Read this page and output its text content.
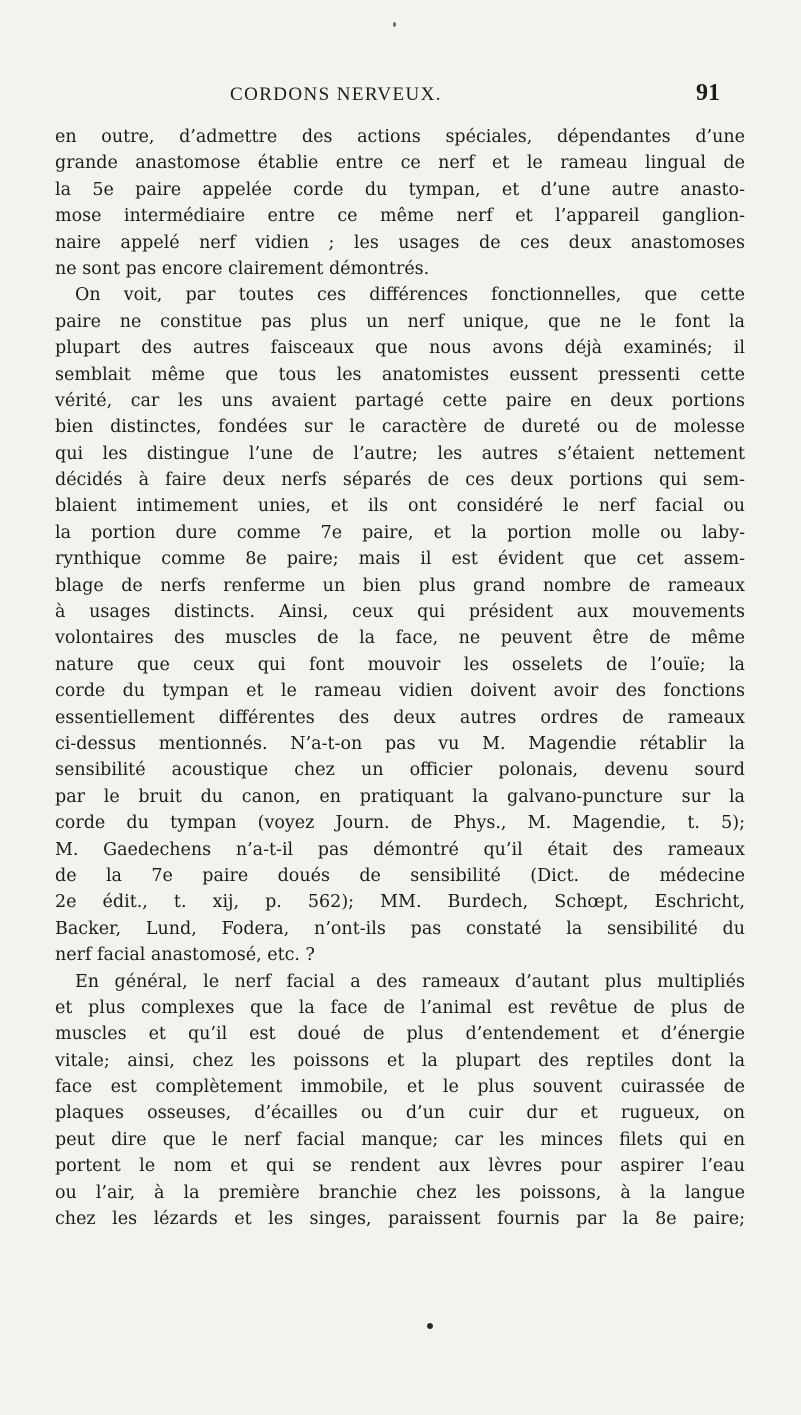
CORDONS NERVEUX.	91
en outre, d’admettre des actions spéciales, dépendantes d’une
grande anastomose établie entre ce nerf et le rameau lingual de
la 5e paire appelée corde du tympan, et d’une autre anasto-
mose intermédiaire entre ce même nerf et l’appareil ganglion-
naire appelé nerf vidien ; les usages de ces deux anastomoses
ne sont pas encore clairement démontrés.
On voit, par toutes ces différences fonctionnelles, que cette
paire ne constitue pas plus un nerf unique, que ne le font la
plupart des autres faisceaux que nous avons déjà examinés; il
semblait même que tous les anatomistes eussent pressenti cette
vérité, car les uns avaient partagé cette paire en deux portions
bien distinctes, fondées sur le caractère de dureté ou de molesse
qui les distingue l’une de l’autre; les autres s’étaient nettement
décidés à faire deux nerfs séparés de ces deux portions qui sem-
blaient intimement unies, et ils ont considéré le nerf facial ou
la portion dure comme 7e paire, et la portion molle ou laby-
rynthique comme 8e paire; mais il est évident que cet assem-
blage de nerfs renferme un bien plus grand nombre de rameaux
à usages distincts. Ainsi, ceux qui président aux mouvements
volontaires des muscles de la face, ne peuvent être de même
nature que ceux qui font mouvoir les osselets de l’ouïe; la
corde du tympan et le rameau vidien doivent avoir des fonctions
essentiellement différentes des deux autres ordres de rameaux
ci-dessus mentionnés. N’a-t-on pas vu M. Magendie rétablir la
sensibilité acoustique chez un officier polonais, devenu sourd
par le bruit du canon, en pratiquant la galvano-puncture sur la
corde du tympan (voyez Journ. de Phys., M. Magendie, t. 5);
M. Gaedechens n’a-t-il pas démontré qu’il était des rameaux
de la 7e paire doués de sensibilité (Dict. de médecine
2e édit., t. xij, p. 562); MM. Burdech, Schœpt, Eschricht,
Backer, Lund, Fodera, n’ont-ils pas constaté la sensibilité du
nerf facial anastomosé, etc. ?
En général, le nerf facial a des rameaux d’autant plus multipliés
et plus complexes que la face de l’animal est revêtue de plus de
muscles et qu’il est doué de plus d’entendement et d’énergie
vitale; ainsi, chez les poissons et la plupart des reptiles dont la
face est complètement immobile, et le plus souvent cuirassée de
plaques osseuses, d’écailles ou d’un cuir dur et rugueux, on
peut dire que le nerf facial manque; car les minces filets qui en
portent le nom et qui se rendent aux lèvres pour aspirer l’eau
ou l’air, à la première branchie chez les poissons, à la langue
chez les lézards et les singes, paraissent fournis par la 8e paire;
